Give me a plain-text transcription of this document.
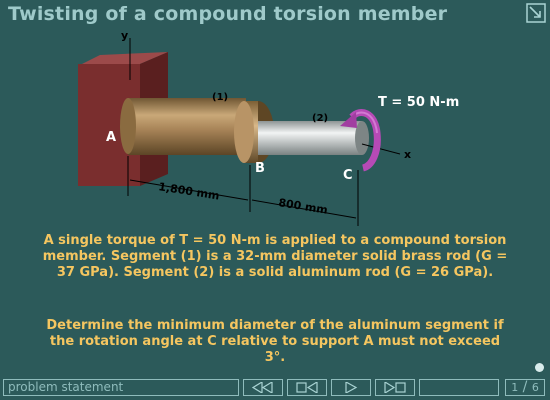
Twisting of a compound torsion member
y
x
A
B	C
(1)
(2)
T = 50 N-m
1,800 mm
800 mm
A single torque of T = 50 N-m is applied to a compound torsion member. Segment (1) is a 32-mm diameter solid brass rod (G = 37 GPa). Segment (2) is a solid aluminum rod (G = 26 GPa).
Determine the minimum diameter of the aluminum segment if the rotation angle at C relative to support A must not exceed 3°.
problem statement	1 / 6
